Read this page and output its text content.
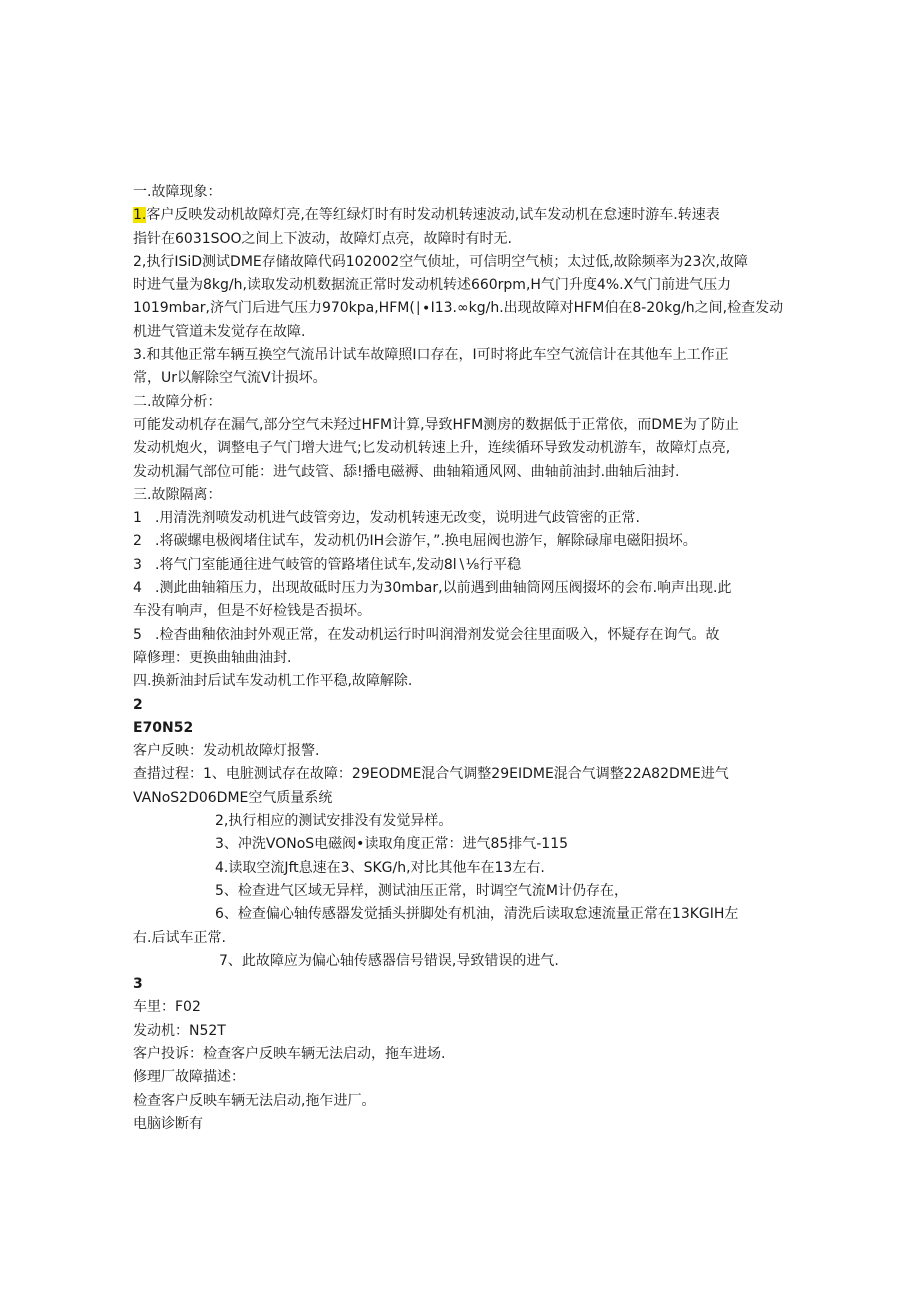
一.故障现象：
1.客户反映发动机故障灯亮,在等红绿灯时有时发动机转速波动,试车发动机在怠速时游车.转速表
指针在6031SOO之间上下波动，故障灯点亮，故障时有时无.
2,执行ISiD测试DME存储故障代码102002空气侦址，可信明空气桢；太过低,故除频率为23次,故障
时进气量为8kg∕h,读取发动机数据流正常时发动机转述660rpm,H气门升度4%.X气门前进气压力
1019mbar,济气门后进气压力970kpa,HFM(∣∙I13.∞kg∕h.出现故障对HFM伯在8-20kg∕h之间,检查发动
机进气管道未发觉存在故障.
3.和其他正常车辆互换空气流吊计试车故障照I口存在，I可时将此车空气流信计在其他车上工作正
常，Ur以解除空气流V计损坏。
二.故障分析：
可能发动机存在漏气,部分空气未羟过HFM计算,导致HFM测房的数据低于正常依，而DME为了防止
发动机炮火，调整电子气门增大进气;匕发动机转速上升，连续循环导致发动机游车，故障灯点亮,
发动机漏气部位可能：进气歧管、舔!播电磁褥、曲轴箱通风网、曲轴前油封.曲轴后油封.
三.故隙隔离：
1 .用清洗剂喷发动机进气歧管旁边，发动机转速无改变，说明进气歧管密的正常.
2 .将碳螺电极阀堵住试车，发动机仍IH会游乍，”.换电屈阀也游乍，解除碌扉电磁阳损坏。
3 .将气门室能通往进气岐管的管路堵住试车,发动8l∖⅛行平稳
4 .测此曲轴箱压力，出现故砥时压力为30mbar,以前遇到曲轴筒网压阀掇坏的会布.响声出现.此
车没有响声，但是不好检钱是否损坏。
5 .检杳曲釉依油封外观正常，在发动机运行时叫润滑剂发觉会往里面吸入，怀疑存在询气。故
障修理：更换曲轴曲油封.
四.换新油封后试车发动机工作平稳,故障解除.
2
E70N52
客户反映：发动机故障灯报警.
查措过程：1、电脏测试存在故障：29EODME混合气调整29EIDME混合气调整22A82DME进气
VANoS2D06DME空气质量系统
2,执行相应的测试安排没有发觉异样。
3、冲洗VONoS电磁阀•读取角度正常：进气85排气-115
4.读取空流Jft息速在3、SKG∕h,对比其他车在13左右.
5、检查进气区域无异样，测试油压正常，时调空气流M计仍存在，
6、检查偏心轴传感器发觉插头拼脚处有机油，清洗后读取怠速流量正常在13KGIH左
右.后试车正常.
7、此故障应为偏心轴传感器信号错误,导致错误的进气.
3
车里：F02
发动机：N52T
客户投诉：检查客户反映车辆无法启动，拖车进场.
修理厂故障描述：
检查客户反映车辆无法启动,拖乍进厂。
电脑诊断有
